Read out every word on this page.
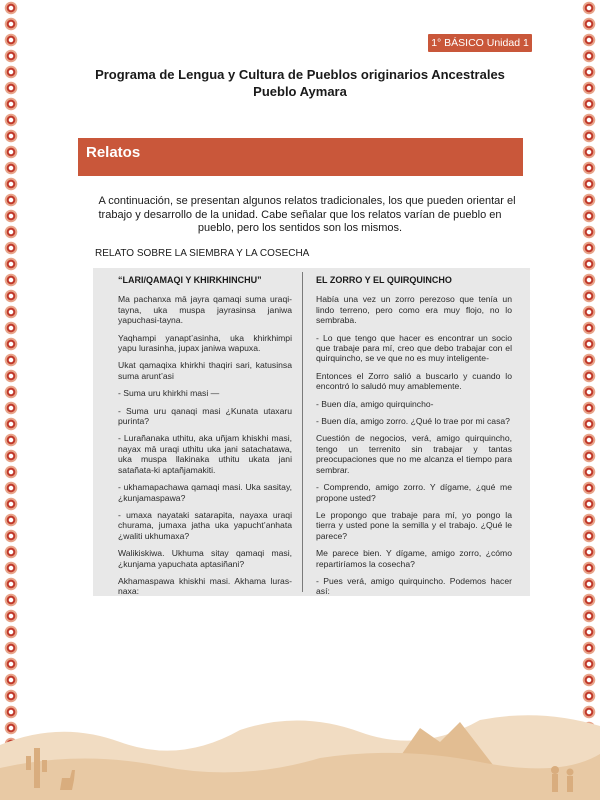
1° BÁSICO Unidad 1
Programa de Lengua y Cultura de Pueblos originarios Ancestrales
Pueblo Aymara
Relatos
A continuación, se presentan algunos relatos tradicionales, los que pueden orientar el trabajo y desarrollo de la unidad. Cabe señalar que los relatos varían de pueblo en pueblo, pero los sentidos son los mismos.
RELATO SOBRE LA SIEMBRA Y LA COSECHA
“LARI/QAMAQI Y KHIRKHINCHU”

Ma pachanxa mā jayra qamaqi suma uraqi-tayna, uka muspa jayrasinsa janiwa yapuchasi-tayna.

Yaqhampi yanapt’asinha, uka khirkhimpi yapu lurasinha, jupax janiwa wapuxa.

Ukat qamaqixa khirkhi thaqiri sari, katusinsa suma arunt’asi

- Suma uru khirkhi masi —

- Suma uru qanaqi masi ¿Kunata utaxaru purinta?

- Lurañanaka uthitu, aka uñjam khiskhi masi, nayax mā uraqi uthitu uka jani satachatawa, uka muspa llakinaka uthitu ukata jani satañata-ki aptañjamakiti.

- ukhamapachawa qamaqi masi. Uka sasitay, ¿kunjamaspawa?

- umaxa nayataki satarapita, nayaxa uraqi churama, jumaxa jatha uka yapucht’anhata ¿waliti ukhumaxa?

Walikiskiwa. Ukhuma sitay qamaqi masi, ¿kunjama yapuchata aptasiñani?

Akhamaspawa khiskhi masi. Akhama luras-naxa:

EL ZORRO Y EL QUIRQUINCHO

Había una vez un zorro perezoso que tenía un lindo terreno, pero como era muy flojo, no lo sembraba.

- Lo que tengo que hacer es encontrar un socio que trabaje para mí, creo que debo trabajar con el quirquincho, se ve que no es muy inteligente-

Entonces el Zorro salió a buscarlo y cuando lo encontró lo saludó muy amablemente.

- Buen día, amigo quirquincho-

- Buen día, amigo zorro. ¿Qué lo trae por mi casa?

Cuestión de negocios, verá, amigo quirquincho, tengo un terrenito sin trabajar y tantas preocupaciones que no me alcanza el tiempo para sembrar.

- Comprendo, amigo zorro. Y dígame, ¿qué me propone usted?

Le propongo que trabaje para mí, yo pongo la tierra y usted pone la semilla y el trabajo. ¿Qué le parece?

Me parece bien. Y dígame, amigo zorro, ¿cómo repartiríamos la cosecha?

- Pues verá, amigo quirquincho. Podemos hacer así:
